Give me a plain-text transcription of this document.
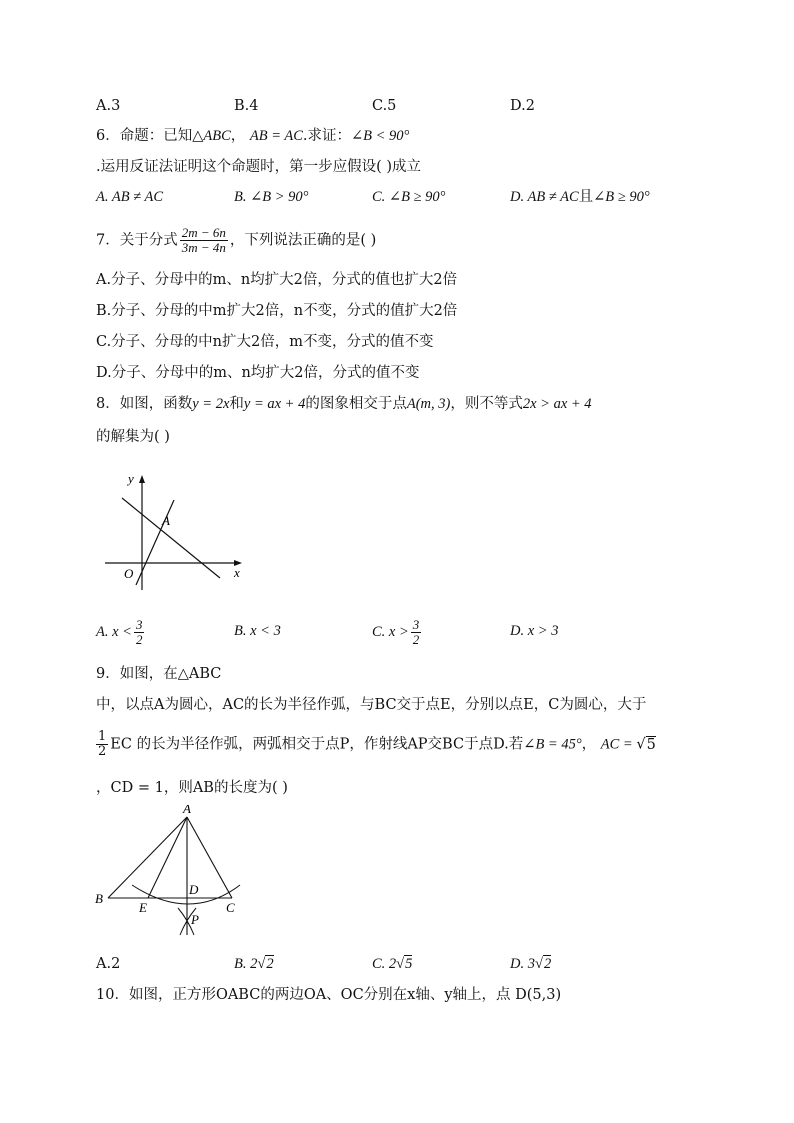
A.3	B.4	C.5	D.2
6．命题：已知△ABC， AB = AC.求证：∠B < 90°
.运用反证法证明这个命题时，第一步应假设( )成立
A. AB ≠ AC	B. ∠B > 90°	C. ∠B ≥ 90°	D. AB ≠ AC且∠B ≥ 90°
7．关于分式 $\frac{2m - 6n}{3m - 4n}$ ，下列说法正确的是( )
A.分子、分母中的m、n均扩大2倍，分式的值也扩大2倍
B.分子、分母的中m扩大2倍，n不变，分式的值扩大2倍
C.分子、分母的中n扩大2倍，m不变，分式的值不变
D.分子、分母中的m、n均扩大2倍，分式的值不变
8．如图，函数y = 2x和y = ax + 4的图象相交于点A(m, 3)，则不等式2x > ax + 4
的解集为( )
y
x
O
A
A. $x < \frac{3}{2}$	B. x < 3	C. $x > \frac{3}{2}$	D. x > 3
9．如图，在△ABC
中，以点A为圆心，AC的长为半径作弧，与BC交于点E，分别以点E，C为圆心，大于
$\frac{1}{2}$ EC 的长为半径作弧，两弧相交于点P，作射线AP交BC于点D.若∠B = 45°， AC = √5
，CD = 1，则AB的长度为( )
A
B
C
D
E
P
A.2	B. 2√2	C. 2√5	D. 3√2
10．如图，正方形OABC的两边OA、OC分别在x轴、y轴上，点 D(5,3)
